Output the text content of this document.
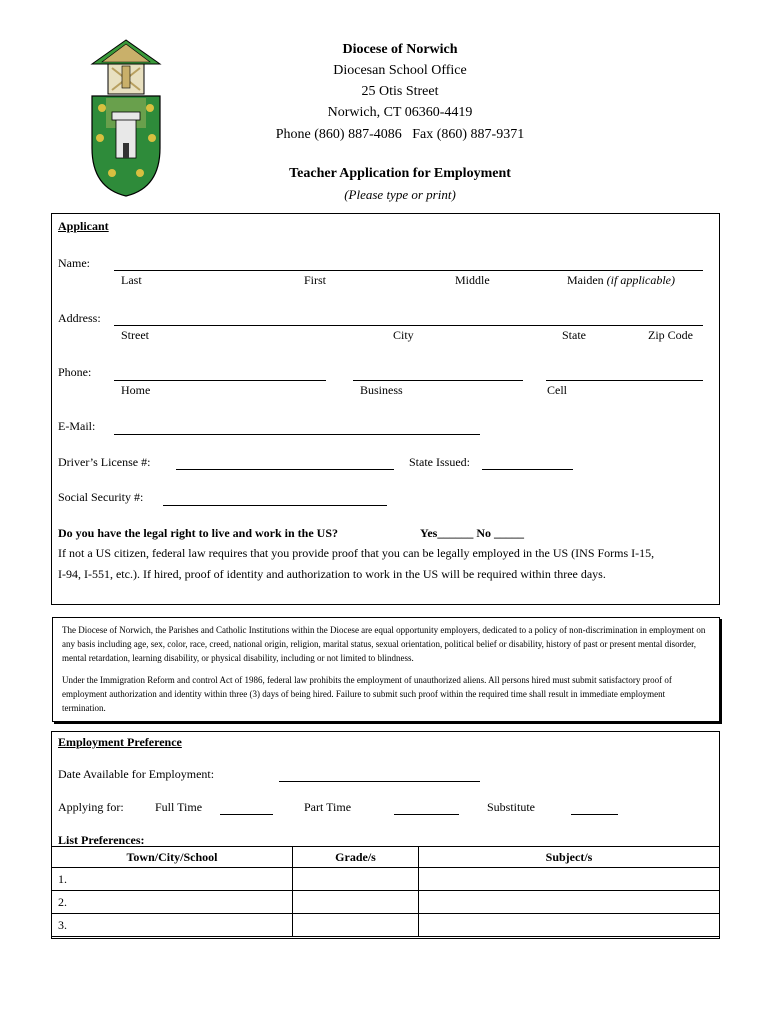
Diocese of Norwich
Diocesan School Office
25 Otis Street
Norwich, CT 06360-4419
Phone (860) 887-4086   Fax (860) 887-9371
Teacher Application for Employment
(Please type or print)
Applicant
Name:
Last	First	Middle	Maiden (if applicable)
Address:
Street	City	State	Zip Code
Phone:
Home	Business	Cell
E-Mail:
Driver’s License #:	State Issued:
Social Security #:
Do you have the legal right to live and work in the US?	Yes______ No _____
If not a US citizen, federal law requires that you provide proof that you can be legally employed in the US (INS Forms I-15,
I-94, I-551, etc.). If hired, proof of identity and authorization to work in the US will be required within three days.

The Diocese of Norwich, the Parishes and Catholic Institutions within the Diocese are equal opportunity employers, dedicated to a policy of non-discrimination in employment on any basis including age, sex, color, race, creed, national origin, religion, marital status, sexual orientation, political belief or disability, history of past or present mental disorder, mental retardation, learning disability, or physical disability, including or not limited to blindness.

Under the Immigration Reform and control Act of 1986, federal law prohibits the employment of unauthorized aliens. All persons hired must submit satisfactory proof of employment authorization and identity within three (3) days of being hired. Failure to submit such proof within the required time shall result in immediate employment termination.

Employment Preference
Date Available for Employment:
Applying for:	Full Time	Part Time	Substitute
List Preferences:
Town/City/School	Grade/s	Subject/s
1.		
2.		
3.		
